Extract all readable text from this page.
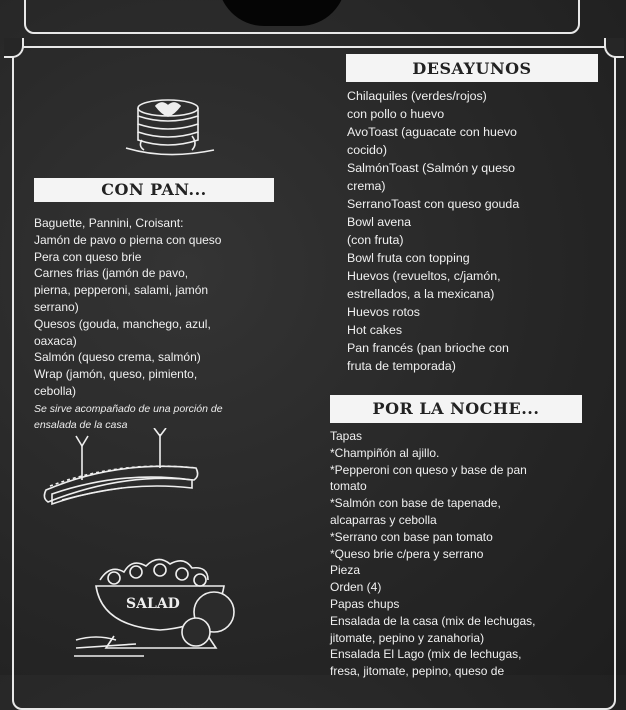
DESAYUNOS
Chilaquiles (verdes/rojos)
con pollo o huevo
AvoToast (aguacate con huevo
cocido)
SalmónToast (Salmón y queso
crema)
SerranoToast con queso gouda
Bowl avena
(con fruta)
Bowl fruta con topping
Huevos (revueltos, c/jamón,
estrellados, a la mexicana)
Huevos rotos
Hot cakes
Pan francés (pan brioche con
fruta de temporada)
CON PAN...
Baguette, Pannini, Croisant:
Jamón de pavo o pierna con queso
Pera con queso brie
Carnes frias (jamón de pavo,
pierna, pepperoni, salami, jamón
serrano)
Quesos (gouda, manchego, azul,
oaxaca)
Salmón (queso crema, salmón)
Wrap (jamón, queso, pimiento,
cebolla)
Se sirve acompañado de una porción de
ensalada de la casa
SALAD
POR LA NOCHE...
Tapas
*Champiñón al ajillo.
*Pepperoni con queso y base de pan
tomato
*Salmón con base de tapenade,
alcaparras y cebolla
*Serrano con base pan tomato
*Queso brie c/pera y serrano
Pieza
Orden (4)
Papas chups
Ensalada de la casa (mix de lechugas,
jitomate, pepino y zanahoria)
Ensalada El Lago (mix de lechugas,
fresa, jitomate, pepino, queso de
